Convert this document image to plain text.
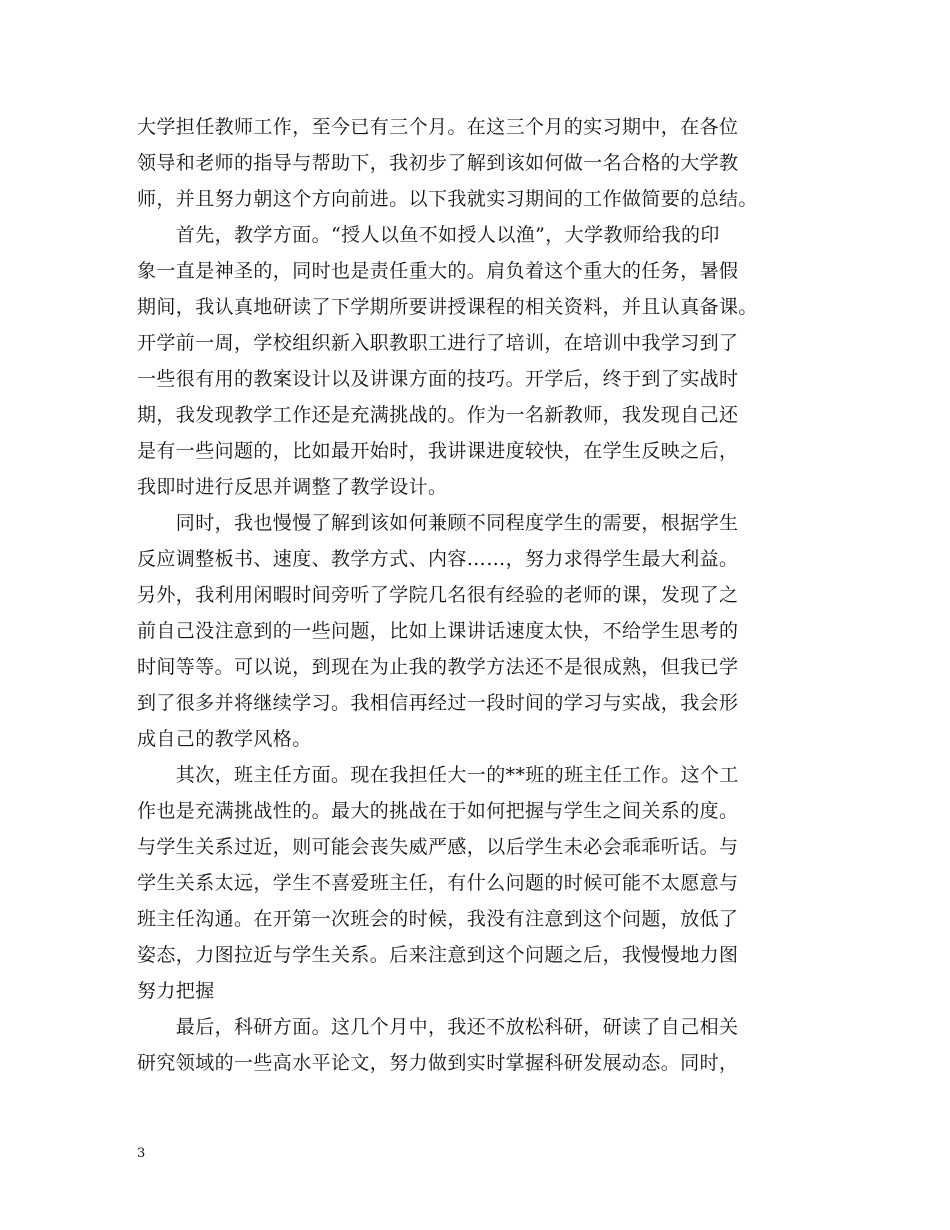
大学担任教师工作，至今已有三个月。在这三个月的实习期中，在各位
领导和老师的指导与帮助下，我初步了解到该如何做一名合格的大学教
师，并且努力朝这个方向前进。以下我就实习期间的工作做简要的总结。
　　首先，教学方面。“授人以鱼不如授人以渔”，大学教师给我的印
象一直是神圣的，同时也是责任重大的。肩负着这个重大的任务，暑假
期间，我认真地研读了下学期所要讲授课程的相关资料，并且认真备课。
开学前一周，学校组织新入职教职工进行了培训，在培训中我学习到了
一些很有用的教案设计以及讲课方面的技巧。开学后，终于到了实战时
期，我发现教学工作还是充满挑战的。作为一名新教师，我发现自己还
是有一些问题的，比如最开始时，我讲课进度较快，在学生反映之后，
我即时进行反思并调整了教学设计。
　　同时，我也慢慢了解到该如何兼顾不同程度学生的需要，根据学生
反应调整板书、速度、教学方式、内容……，努力求得学生最大利益。
另外，我利用闲暇时间旁听了学院几名很有经验的老师的课，发现了之
前自己没注意到的一些问题，比如上课讲话速度太快，不给学生思考的
时间等等。可以说，到现在为止我的教学方法还不是很成熟，但我已学
到了很多并将继续学习。我相信再经过一段时间的学习与实战，我会形
成自己的教学风格。
　　其次，班主任方面。现在我担任大一的**班的班主任工作。这个工
作也是充满挑战性的。最大的挑战在于如何把握与学生之间关系的度。
与学生关系过近，则可能会丧失威严感，以后学生未必会乖乖听话。与
学生关系太远，学生不喜爱班主任，有什么问题的时候可能不太愿意与
班主任沟通。在开第一次班会的时候，我没有注意到这个问题，放低了
姿态，力图拉近与学生关系。后来注意到这个问题之后，我慢慢地力图
努力把握
　　最后，科研方面。这几个月中，我还不放松科研，研读了自己相关
研究领域的一些高水平论文，努力做到实时掌握科研发展动态。同时，
3
